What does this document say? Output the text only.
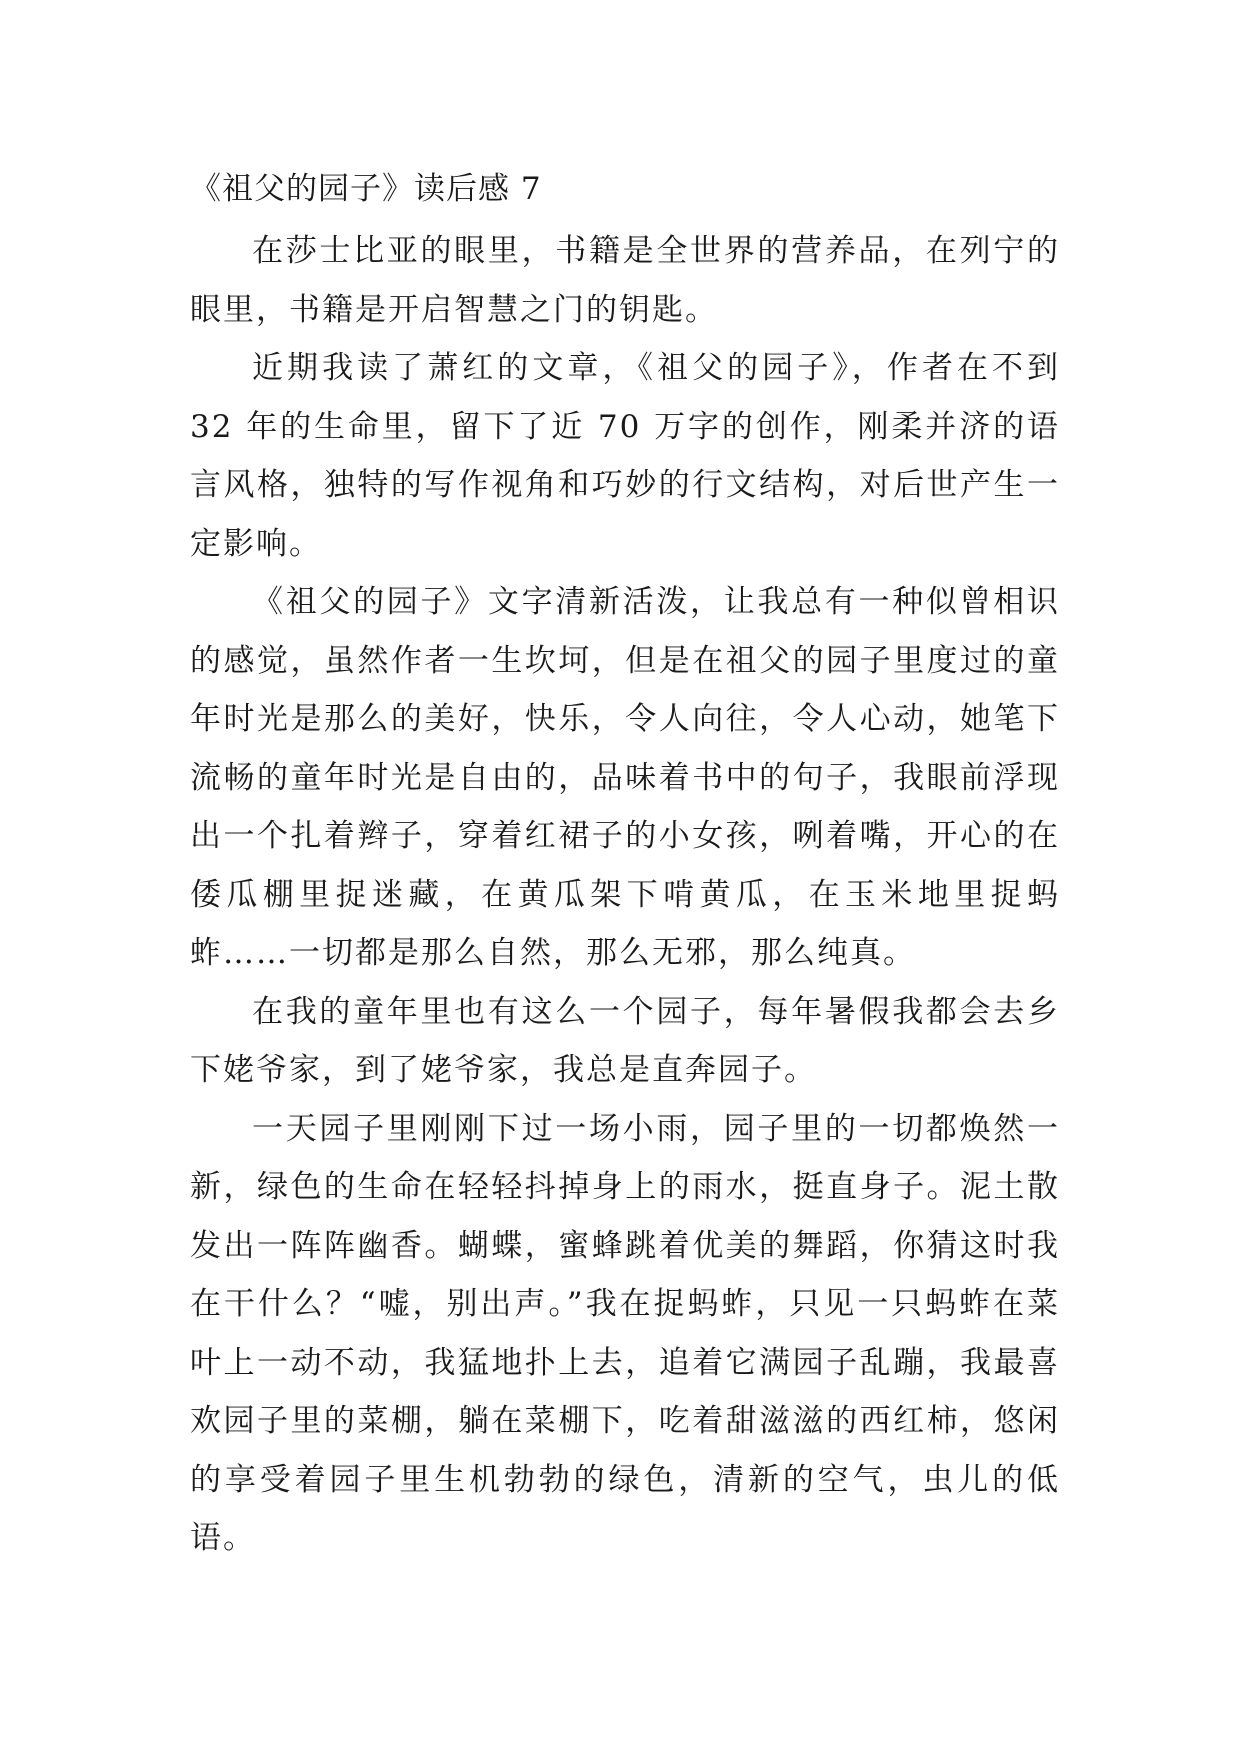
《祖父的园子》读后感 7

在莎士比亚的眼里，书籍是全世界的营养品，在列宁的眼里，书籍是开启智慧之门的钥匙。

近期我读了萧红的文章，《祖父的园子》，作者在不到 32 年的生命里，留下了近 70 万字的创作，刚柔并济的语言风格，独特的写作视角和巧妙的行文结构，对后世产生一定影响。

《祖父的园子》文字清新活泼，让我总有一种似曾相识的感觉，虽然作者一生坎坷，但是在祖父的园子里度过的童年时光是那么的美好，快乐，令人向往，令人心动，她笔下流畅的童年时光是自由的，品味着书中的句子，我眼前浮现出一个扎着辫子，穿着红裙子的小女孩，咧着嘴，开心的在倭瓜棚里捉迷藏，在黄瓜架下啃黄瓜，在玉米地里捉蚂蚱……一切都是那么自然，那么无邪，那么纯真。

在我的童年里也有这么一个园子，每年暑假我都会去乡下姥爷家，到了姥爷家，我总是直奔园子。

一天园子里刚刚下过一场小雨，园子里的一切都焕然一新，绿色的生命在轻轻抖掉身上的雨水，挺直身子。泥土散发出一阵阵幽香。蝴蝶，蜜蜂跳着优美的舞蹈，你猜这时我在干什么？“嘘，别出声。”我在捉蚂蚱，只见一只蚂蚱在菜叶上一动不动，我猛地扑上去，追着它满园子乱蹦，我最喜欢园子里的菜棚，躺在菜棚下，吃着甜滋滋的西红柿，悠闲的享受着园子里生机勃勃的绿色，清新的空气，虫儿的低语。
